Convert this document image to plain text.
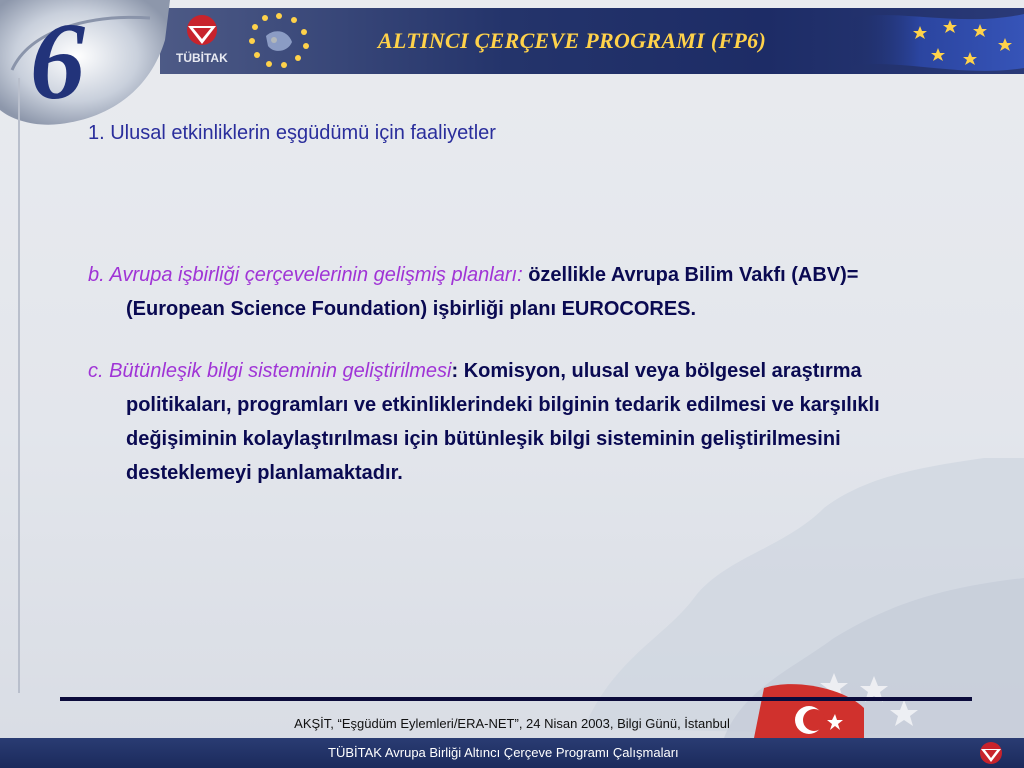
TÜBİTAK
ALTINCI ÇERÇEVE PROGRAMI (FP6)
6

1. Ulusal etkinliklerin eşgüdümü için faaliyetler

b. Avrupa işbirliği çerçevelerinin gelişmiş planları: özellikle Avrupa Bilim Vakfı (ABV)= (European Science Foundation) işbirliği planı EUROCORES.

c. Bütünleşik bilgi sisteminin geliştirilmesi: Komisyon, ulusal veya bölgesel araştırma politikaları, programları ve etkinliklerindeki bilginin tedarik edilmesi ve karşılıklı değişiminin kolaylaştırılması için bütünleşik bilgi sisteminin geliştirilmesini desteklemeyi planlamaktadır.

AKŞİT, “Eşgüdüm Eylemleri/ERA-NET”, 24 Nisan 2003, Bilgi Günü, İstanbul
TÜBİTAK Avrupa Birliği Altıncı Çerçeve Programı Çalışmaları
